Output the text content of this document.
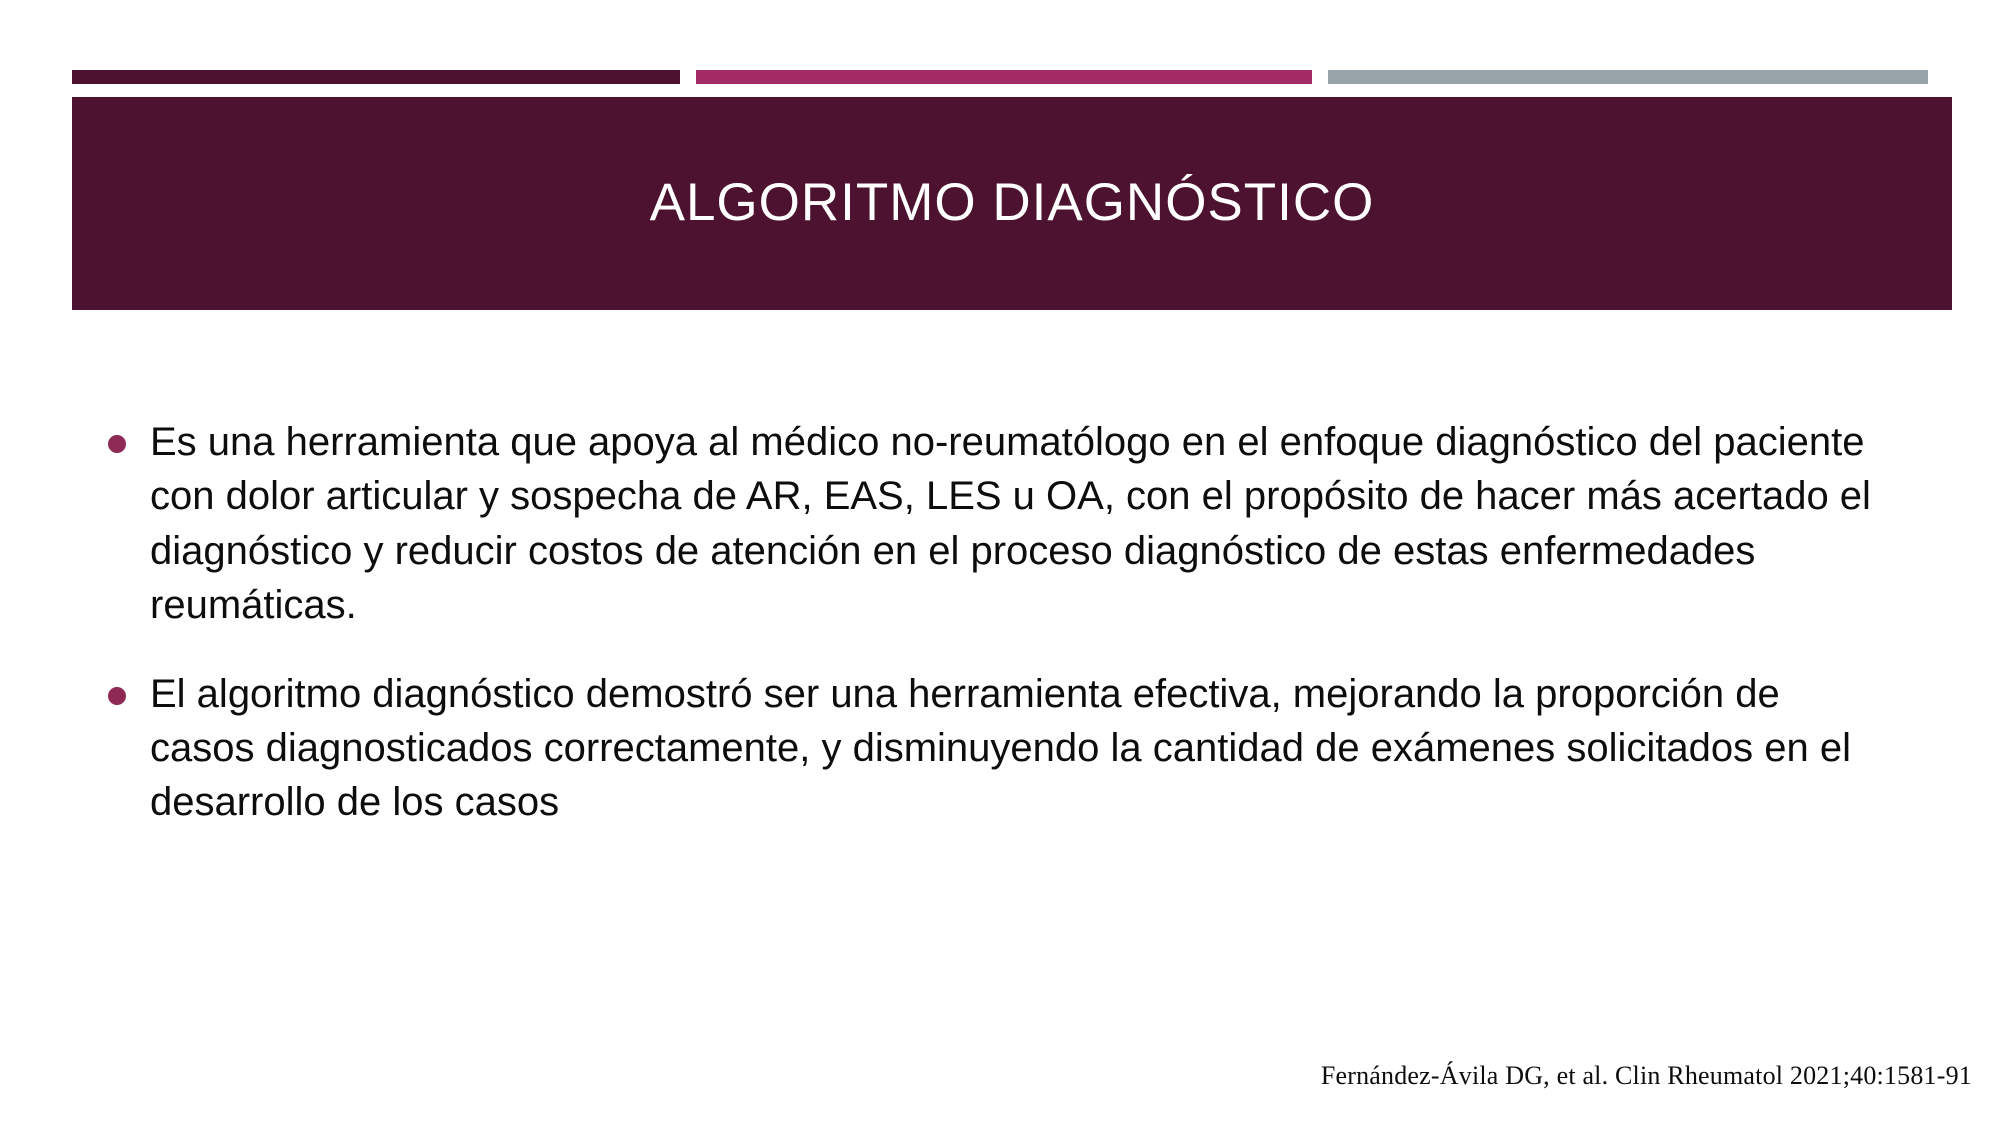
ALGORITMO DIAGNÓSTICO
Es una herramienta que apoya al médico no-reumatólogo en el enfoque diagnóstico del paciente con dolor articular y sospecha de AR, EAS, LES u OA, con el propósito de hacer más acertado el diagnóstico y reducir costos de atención en el proceso diagnóstico de estas enfermedades reumáticas.
El algoritmo diagnóstico demostró ser una herramienta efectiva, mejorando la proporción de casos diagnosticados correctamente, y disminuyendo la cantidad de exámenes solicitados en el desarrollo de los casos
Fernández-Ávila DG, et al. Clin Rheumatol 2021;40:1581-91
